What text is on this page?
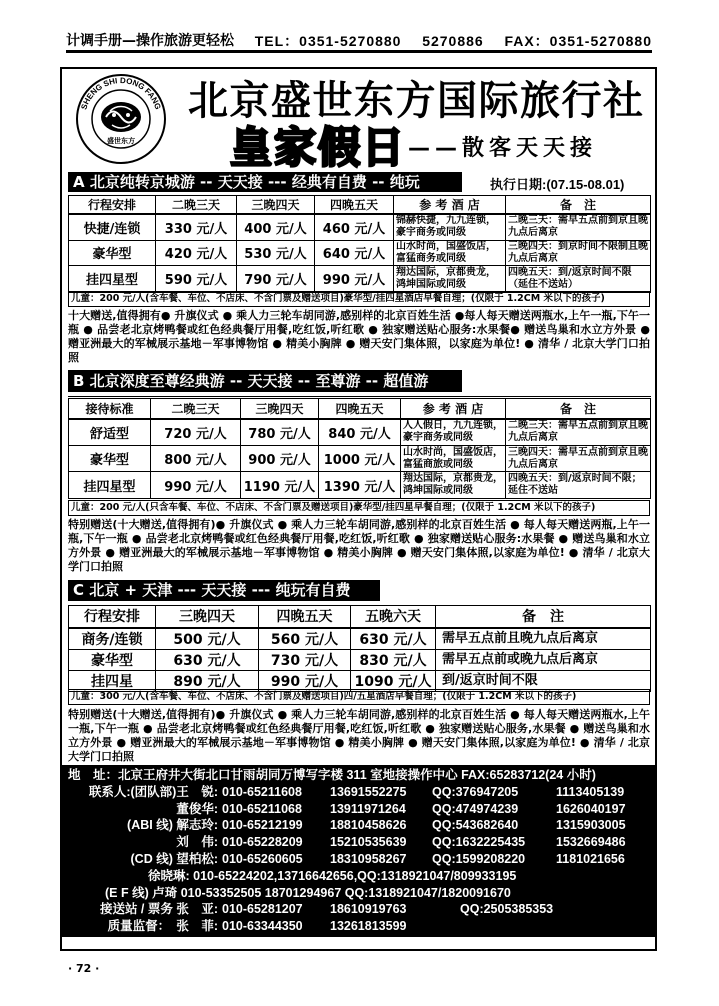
计调手册—操作旅游更轻松 TEL：0351-5270880 5270886 FAX：0351-5270880
SHENG SHI DONG FANG
盛世东方
北京盛世东方国际旅行社
皇家假日 ——散客天天接
A 北京纯转京城游 -- 天天接 --- 经典有自费 -- 纯玩	执行日期:(07.15-08.01)
行程安排	二晚三天	三晚四天	四晚五天	参 考 酒 店	备　注
快捷/连锁	330 元/人	400 元/人	460 元/人	锦赫快捷，九九连锁，豪宇商务或同级	二晚三天：需早五点前到京且晚九点后离京
豪华型	420 元/人	530 元/人	640 元/人	山水时尚，国盛饭店，富猛商务或同级	三晚四天：到京时间不限制且晚九点后离京
挂四星型	590 元/人	790 元/人	990 元/人	翔达国际，京都贵龙，鸿坤国际或同级	四晚五天：到/返京时间不限（延住不送站）
儿童：200 元/人(含车餐、车位、不店床、不含门票及赠送项目)豪华型/挂四星酒店早餐自理；(仅限于 1.2CM 米以下的孩子)
十大赠送,值得拥有● 升旗仪式 ● 乘人力三轮车胡同游,感别样的北京百姓生活 ●每人每天赠送两瓶水,上午一瓶,下午一瓶 ● 品尝老北京烤鸭餐或红色经典餐厅用餐,吃红饭,听红歌 ● 独家赠送贴心服务:水果餐● 赠送鸟巢和水立方外景 ● 赠亚洲最大的军械展示基地－军事博物馆 ● 精美小胸牌 ● 赠天安门集体照，以家庭为单位! ● 清华 / 北京大学门口拍照
B 北京深度至尊经典游 -- 天天接 -- 至尊游 -- 超值游
接待标准	二晚三天	三晚四天	四晚五天	参 考 酒 店	备　注
舒适型	720 元/人	780 元/人	840 元/人	人人假日，九九连锁，豪宇商务或同级	二晚三天：需早五点前到京且晚九点后离京
豪华型	800 元/人	900 元/人	1000 元/人	山水时尚，国盛饭店，富猛商旅或同级	三晚四天：需早五点前到京且晚九点后离京
挂四星型	990 元/人	1190 元/人	1390 元/人	翔达国际，京都贵龙，鸿坤国际或同级	四晚五天：到/返京时间不限；延住不送站
儿童：200 元/人(只含车餐、车位、不店床、不含门票及赠送项目)豪华型/挂四星早餐自理；(仅限于 1.2CM 米以下的孩子)
特别赠送(十大赠送,值得拥有)● 升旗仪式 ● 乘人力三轮车胡同游,感别样的北京百姓生活 ● 每人每天赠送两瓶,上午一瓶,下午一瓶 ● 品尝老北京烤鸭餐或红色经典餐厅用餐,吃红饭,听红歌 ● 独家赠送贴心服务:水果餐 ● 赠送鸟巢和水立方外景 ● 赠亚洲最大的军械展示基地－军事博物馆 ● 精美小胸牌 ● 赠天安门集体照,以家庭为单位! ● 清华 / 北京大学门口拍照
C 北京 + 天津 --- 天天接 --- 纯玩有自费
行程安排	三晚四天	四晚五天	五晚六天	备　注
商务/连锁	500 元/人	560 元/人	630 元/人	需早五点前且晚九点后离京
豪华型	630 元/人	730 元/人	830 元/人	需早五点前或晚九点后离京
挂四星	890 元/人	990 元/人	1090 元/人	到/返京时间不限
儿童：300 元/人(含车餐、车位、不店床、不含门票及赠送项目)四/五星酒店早餐自理；(仅限于 1.2CM 米以下的孩子)
特别赠送(十大赠送,值得拥有)● 升旗仪式 ● 乘人力三轮车胡同游,感别样的北京百姓生活 ● 每人每天赠送两瓶水,上午一瓶,下午一瓶 ● 品尝老北京烤鸭餐或红色经典餐厅用餐,吃红饭,听红歌 ● 独家赠送贴心服务,水果餐 ● 赠送鸟巢和水立方外景 ● 赠亚洲最大的军械展示基地－军事博物馆 ● 精美小胸牌 ● 赠天安门集体照,以家庭为单位! ● 清华 / 北京大学门口拍照
地　址：北京王府井大街北口甘雨胡同万博写字楼 311 室地接操作中心 FAX:65283712(24 小时)
联系人:(团队部)王　锐: 010-65211608	13691552275	QQ:376947205	1113405139
董俊华: 010-65211068	13911971264	QQ:474974239	1626040197
(ABI 线) 解志玲: 010-65212199	18810458626	QQ:543682640	1315903005
刘　伟: 010-65228209	15210535639	QQ:1632225435	1532669486
(CD 线) 望柏松: 010-65260605	18310958267	QQ:1599208220	1181021656
徐晓琳: 010-65224202,13716642656,QQ:1318921047/809933195
(E F 线) 卢琦 010-53352505 18701294967 QQ:1318921047/1820091670
接送站 / 票务 张　亚: 010-65281207	18610919763	QQ:2505385353
质量监督：　张　菲: 010-63344350	13261813599
· 72 ·
